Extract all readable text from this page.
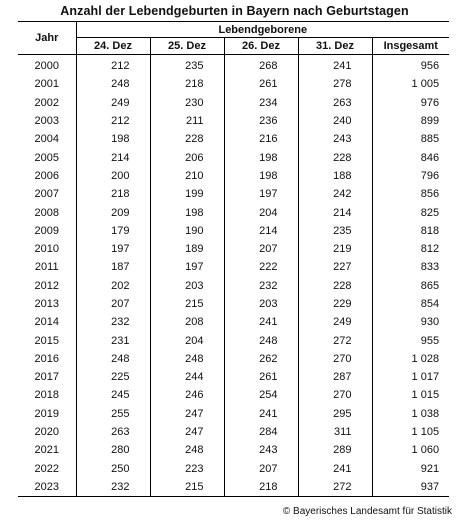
Anzahl der Lebendgeburten in Bayern nach Geburtstagen
Jahr	Lebendgeborene				
	24. Dez	25. Dez	26. Dez	31. Dez	Insgesamt
2000	212	235	268	241	956
2001	248	218	261	278	1 005
2002	249	230	234	263	976
2003	212	211	236	240	899
2004	198	228	216	243	885
2005	214	206	198	228	846
2006	200	210	198	188	796
2007	218	199	197	242	856
2008	209	198	204	214	825
2009	179	190	214	235	818
2010	197	189	207	219	812
2011	187	197	222	227	833
2012	202	203	232	228	865
2013	207	215	203	229	854
2014	232	208	241	249	930
2015	231	204	248	272	955
2016	248	248	262	270	1 028
2017	225	244	261	287	1 017
2018	245	246	254	270	1 015
2019	255	247	241	295	1 038
2020	263	247	284	311	1 105
2021	280	248	243	289	1 060
2022	250	223	207	241	921
2023	232	215	218	272	937
© Bayerisches Landesamt für Statistik
